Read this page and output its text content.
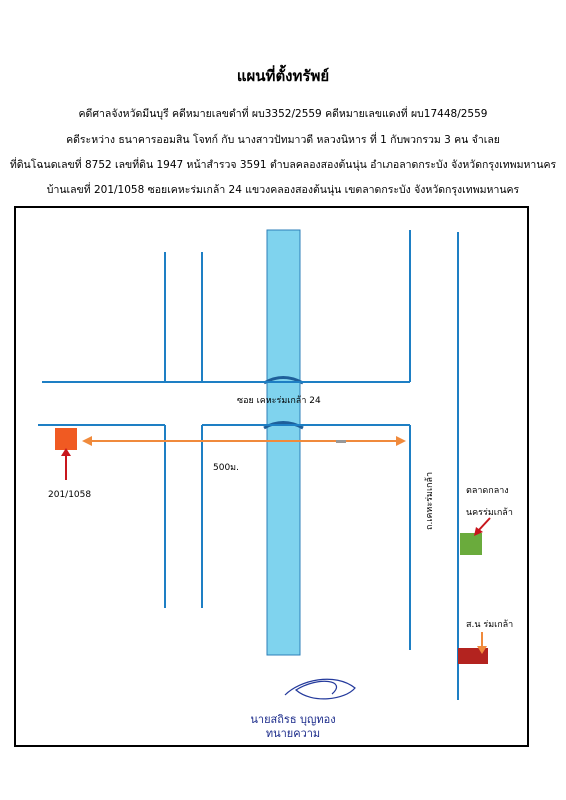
แผนที่ตั้งทรัพย์
คดีศาลจังหวัดมีนบุรี คดีหมายเลขดำที่ ผบ3352/2559 คดีหมายเลขแดงที่ ผบ17448/2559
คดีระหว่าง ธนาคารออมสิน โจทก์ กับ นางสาวปัทมาวดี หลวงนิหาร ที่ 1 กับพวกรวม 3 คน จำเลย
ที่ดินโฉนดเลขที่ 8752 เลขที่ดิน 1947 หน้าสำรวจ 3591 ตำบลคลองสองต้นนุ่น อำเภอลาดกระบัง จังหวัดกรุงเทพมหานคร
บ้านเลขที่ 201/1058 ซอยเคหะร่มเกล้า 24 แขวงคลองสองต้นนุ่น เขตลาดกระบัง จังหวัดกรุงเทพมหานคร
ซอย เคหะร่มเกล้า 24
500ม.
201/1058	ถ.เคหะร่มเกล้า	ตลาดกลาง
นครร่มเกล้า
ส.น ร่มเกล้า
นายสถิรธ บุญทอง
ทนายความ
